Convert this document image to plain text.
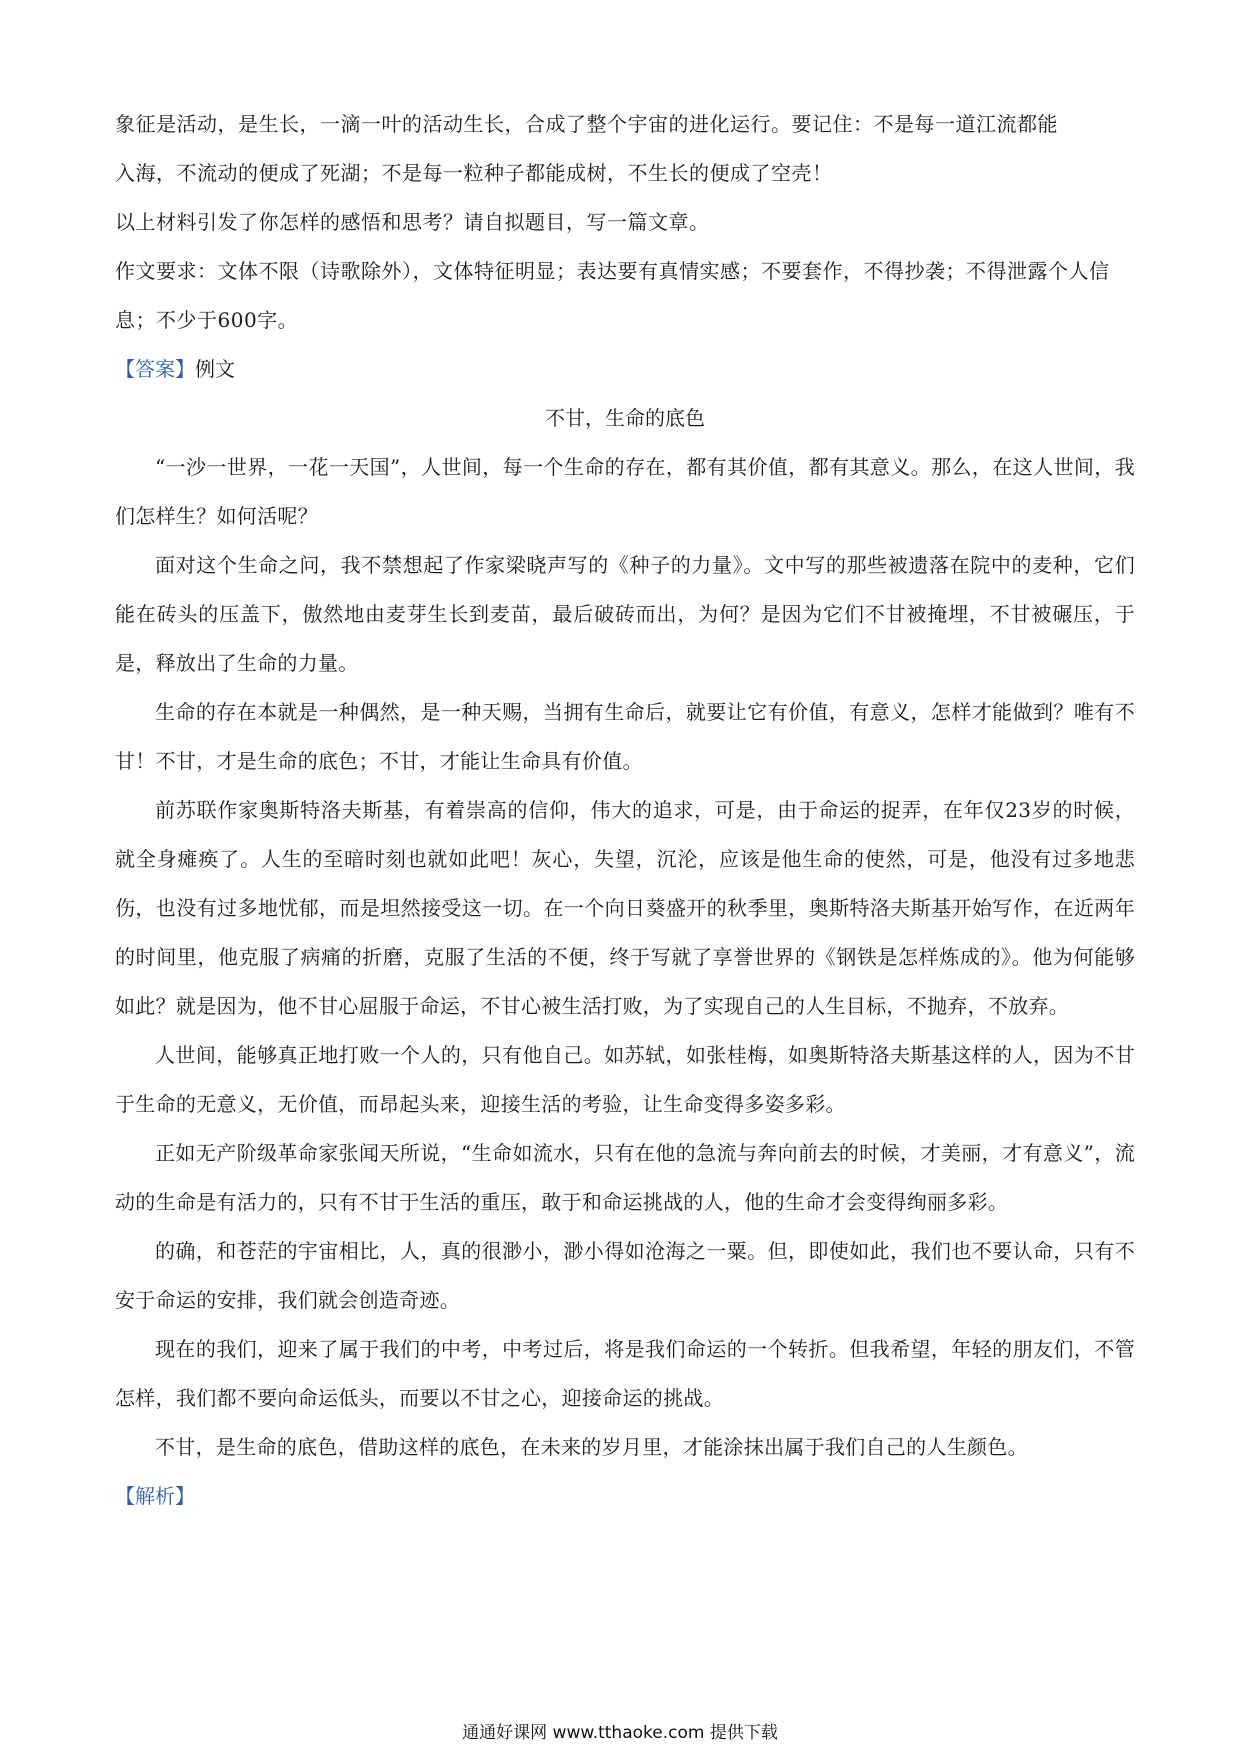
象征是活动，是生长，一滴一叶的活动生长，合成了整个宇宙的进化运行。要记住：不是每一道江流都能

入海，不流动的便成了死湖；不是每一粒种子都能成树，不生长的便成了空壳！

以上材料引发了你怎样的感悟和思考？请自拟题目，写一篇文章。

作文要求：文体不限（诗歌除外），文体特征明显；表达要有真情实感；不要套作，不得抄袭；不得泄露个人信息；不少于600字。

【答案】例文

不甘，生命的底色

“一沙一世界，一花一天国”，人世间，每一个生命的存在，都有其价值，都有其意义。那么，在这人世间，我们怎样生？如何活呢？

面对这个生命之问，我不禁想起了作家梁晓声写的《种子的力量》。文中写的那些被遗落在院中的麦种，它们能在砖头的压盖下，傲然地由麦芽生长到麦苗，最后破砖而出，为何？是因为它们不甘被掩埋，不甘被碾压，于是，释放出了生命的力量。

生命的存在本就是一种偶然，是一种天赐，当拥有生命后，就要让它有价值，有意义，怎样才能做到？唯有不甘！不甘，才是生命的底色；不甘，才能让生命具有价值。

前苏联作家奥斯特洛夫斯基，有着崇高的信仰，伟大的追求，可是，由于命运的捉弄，在年仅23岁的时候，就全身瘫痪了。人生的至暗时刻也就如此吧！灰心，失望，沉沦，应该是他生命的使然，可是，他没有过多地悲伤，也没有过多地忧郁，而是坦然接受这一切。在一个向日葵盛开的秋季里，奥斯特洛夫斯基开始写作，在近两年的时间里，他克服了病痛的折磨，克服了生活的不便，终于写就了享誉世界的《钢铁是怎样炼成的》。他为何能够如此？就是因为，他不甘心屈服于命运，不甘心被生活打败，为了实现自己的人生目标，不抛弃，不放弃。

人世间，能够真正地打败一个人的，只有他自己。如苏轼，如张桂梅，如奥斯特洛夫斯基这样的人，因为不甘于生命的无意义，无价值，而昂起头来，迎接生活的考验，让生命变得多姿多彩。

正如无产阶级革命家张闻天所说，“生命如流水，只有在他的急流与奔向前去的时候，才美丽，才有意义”，流动的生命是有活力的，只有不甘于生活的重压，敢于和命运挑战的人，他的生命才会变得绚丽多彩。

的确，和苍茫的宇宙相比，人，真的很渺小，渺小得如沧海之一粟。但，即使如此，我们也不要认命，只有不安于命运的安排，我们就会创造奇迹。

现在的我们，迎来了属于我们的中考，中考过后，将是我们命运的一个转折。但我希望，年轻的朋友们，不管怎样，我们都不要向命运低头，而要以不甘之心，迎接命运的挑战。

不甘，是生命的底色，借助这样的底色，在未来的岁月里，才能涂抹出属于我们自己的人生颜色。

【解析】

通通好课网 www.tthaoke.com 提供下载
